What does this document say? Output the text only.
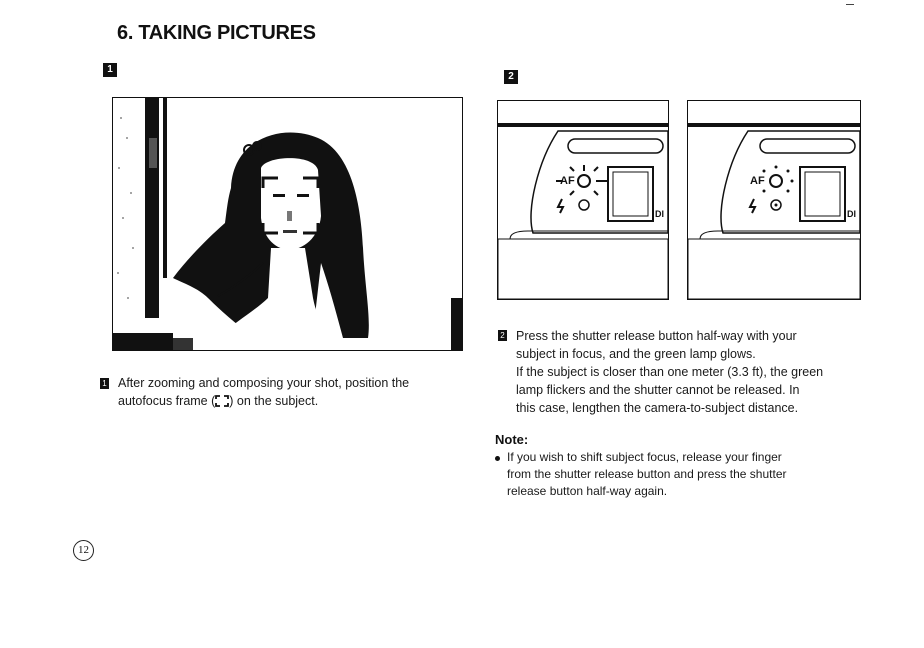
6. TAKING PICTURES
1
1 After zooming and composing your shot, position the autofocus frame ( ) on the subject.
2
AF
DI
AF
DI
2 Press the shutter release button half-way with your
subject in focus, and the green lamp glows.
If the subject is closer than one meter (3.3 ft), the green
lamp flickers and the shutter cannot be released. In
this case, lengthen the camera-to-subject distance.
Note:
If you wish to shift subject focus, release your finger
from the shutter release button and press the shutter
release button half-way again.
12
